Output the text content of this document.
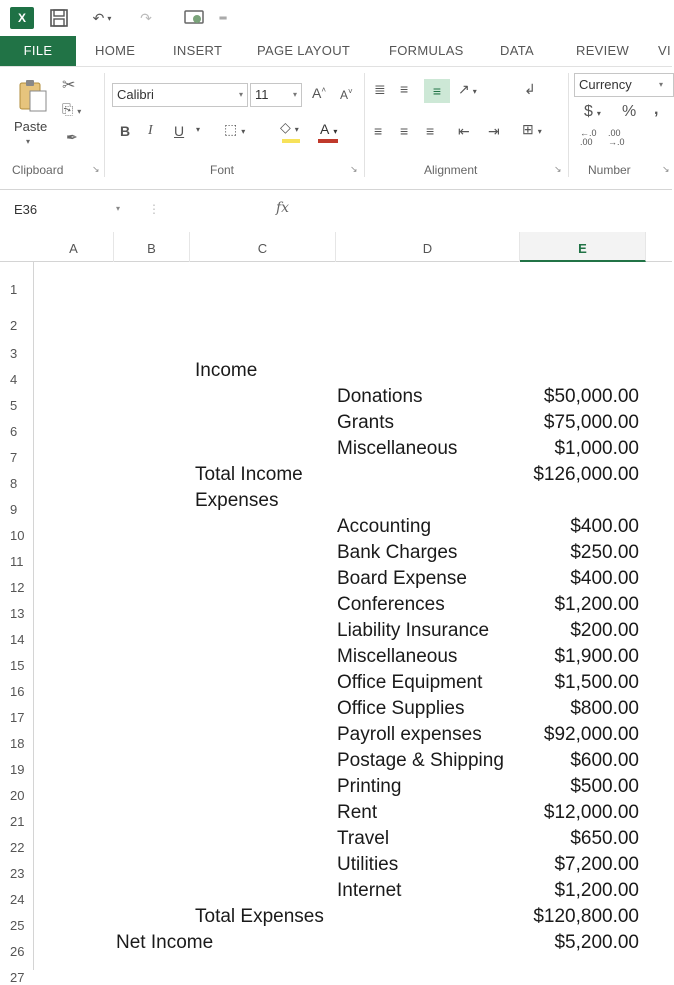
X	↶ ▾	↷	═
FILE	HOME	INSERT	PAGE LAYOUT	FORMULAS	DATA	REVIEW VI
Paste
▾
✂
⎘ ▾
✒
Clipboard	↘
Calibri	▾ 11	▾ A˄ A˅
B I U ▾ ⬚ ▾ ◇ ▾ A ▾
Font	↘
≣ ≡	≡	↗ ▾	↲
≡ ≡ ≡ ⇤ ⇥ ⊞ ▾
Alignment	↘
Currency	▾
$ ▾ % ,
←.0
.00
.00
→.0
Number	↘
E36	▾ ⋮	fx
A	B	C	D	E
1
2
3
4
5
6
7
8
9
10
11
12
13
14
15
16
17
18
19
20
21
22
23
24
25
26
27
Income
Total Income	$126,000.00
Expenses
Total Expenses	$120,800.00
Net Income	$5,200.00
Donations	$50,000.00
Grants	$75,000.00
Miscellaneous	$1,000.00
Accounting	$400.00
Bank Charges	$250.00
Board Expense	$400.00
Conferences	$1,200.00
Liability Insurance	$200.00
Miscellaneous	$1,900.00
Office Equipment	$1,500.00
Office Supplies	$800.00
Payroll expenses	$92,000.00
Postage & Shipping	$600.00
Printing	$500.00
Rent	$12,000.00
Travel	$650.00
Utilities	$7,200.00
Internet	$1,200.00
